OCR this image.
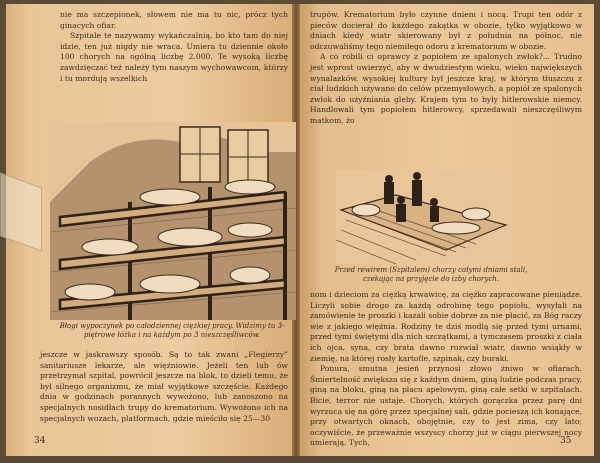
nie ma szczepionek, słowem nie ma tu nic, prócz tych ginacych ofiar.

Szpitale te nazywamy wykańczalnią, bo kto tam do niej idzie, ten już nigdy nie wraca. Umiera tu dziennie około 100 chorych na ogólną liczbę 2.000. Te wysoką liczbę zawdzięczać też należy tym naszym wychowawcom, którzy i tu mordują wszelkich

Błogi wypoczynek po całodziennej ciężkiej pracy. Widzimy tu 3-piętrowe łóżka i na każdym po 3 nieszczęśliwców.

jeszcze w jaskrawszy sposób. Są to tak zwani „Flegierzy” sanitariusze lekarze, ale więźniowie. Jeżeli ten lub ów przetrzymał szpital, powrócił jeszcze na blok, to dzieli temu, że był silnego organizmu, że miał wyjątkowe szczęście. Każdego dnia w godzinach porannych wywożono, lub zanoszono na specjalnych nosidłach trupy do krematorium. Wywożono ich na specjalnych wozach, platformach, gdzie mieściło się 25—30

34

trupów. Krematorium było czynne dniem i nocą. Trupi ten odór z pieców docierał do każdego zakątka w obozie, tylko wyjątkowo w dniach kiedy wiatr skierowany był z południa na północ, nie odczuwaliśmy tego niemiłego odoru z krematorium w obozie.

A co robili ci oprawcy z popiołem ze spalonych zwłok?... Trudno jest wprost uwierzyć, aby w dwudziestym wieku, wieku największych wynalazków, wysokiej kultury był jeszcze kraj, w którym tłuszczu z ciał ludzkich używano do celów przemysłowych, a popiół ze spalonych zwłok do użyźniania gleby. Krajem tym to były hitlerowskie niemcy. Handlowali tym popiołem hitlerowcy, sprzedawali nieszczęśliwym matkom, żo

Przed rewirem (Szpitalem) chorzy całymi dniami stali, czekając na przyjęcie do izby chorych.

nom i dzieciom za ciężką krwawicę, za ciężko zapracowane pieniądze. Liczyli sobie drogo za każdą odrobinę tego popiołu, wysyłali na zamówienie te proszki i kazali sobie dobrze za nie płacić, za Bóg raczy wie z jakiego więźnia. Rodziny te dziś modlą się przed tymi urnami, przed tymi świętymi dla nich szczątkami, a tymczasem proszki z ciała ich ojca, syna, czy brata dawno rozwiał wiatr, dawno wsiąkły w ziemię, na której rosły kartofle, szpinak, czy buraki.

Ponura, smutna jesień przynosi złowo żniwo w ofiarach. Śmiertelność zwiększa się z każdym dniem, giną ludzie podczas pracy, giną na bloku, giną na placu apelowym, giną całe setki w szpitalach. Bicie, terror nie ustaje. Chorych, których gorączka przez parę dni wyrzuca się na górę przez specjalnej sali, gdzie pocieszą ich konające, przy otwartych oknach, obojętnie, czy to jest zima, czy lato; oczywiście, że przeważnie wszyscy chorzy już w ciągu pierwszej nocy umierają. Tych,	35
